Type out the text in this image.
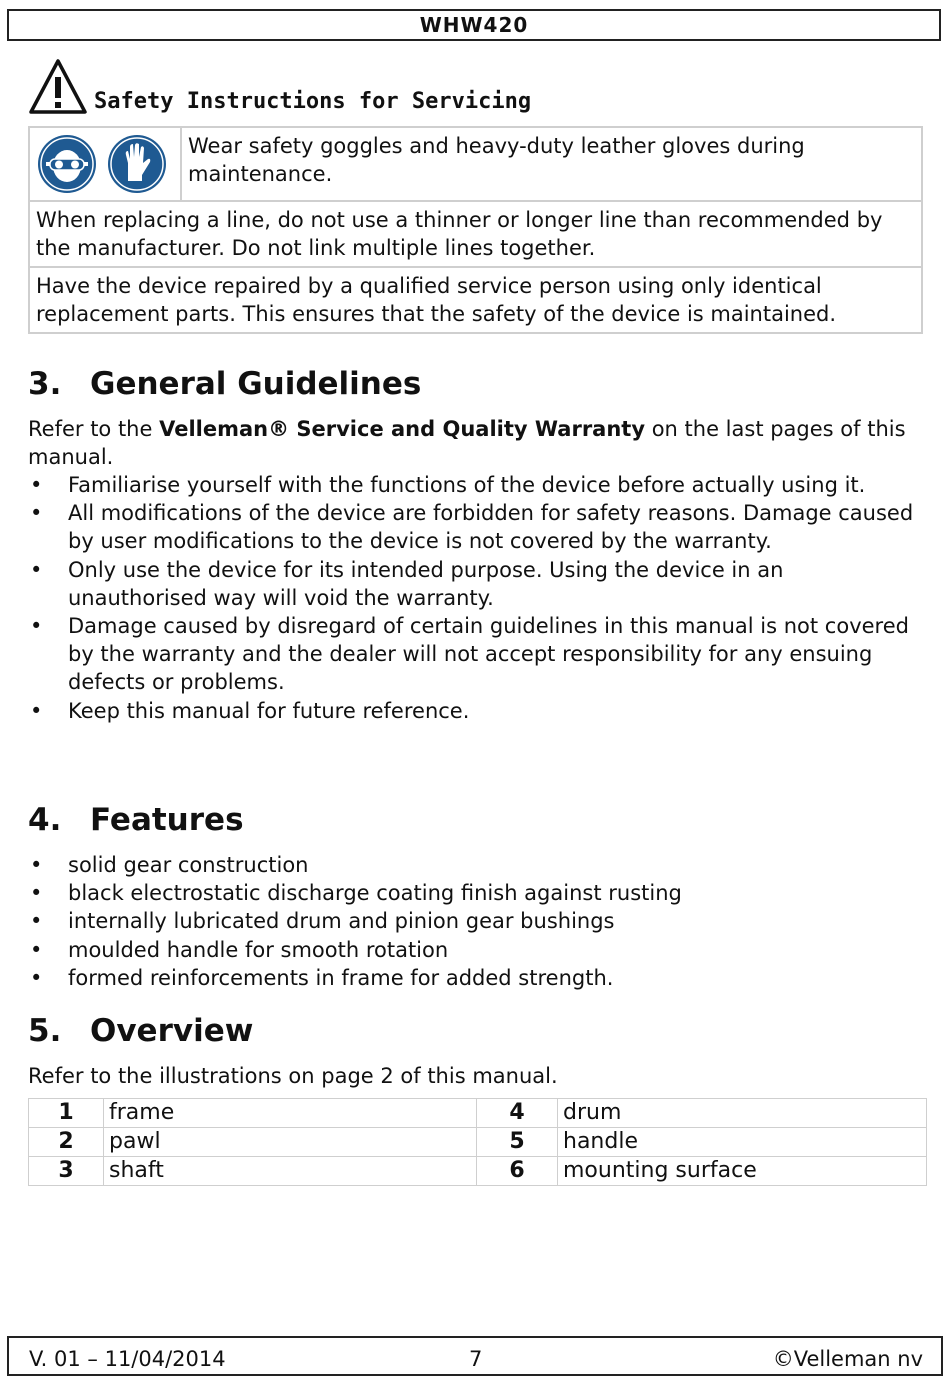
WHW420
Safety Instructions for Servicing
	Wear safety goggles and heavy-duty leather gloves during maintenance.
When replacing a line, do not use a thinner or longer line than recommended by the manufacturer. Do not link multiple lines together.
Have the device repaired by a qualified service person using only identical replacement parts. This ensures that the safety of the device is maintained.
3. General Guidelines

Refer to the Velleman® Service and Quality Warranty on the last pages of this manual.

•	Familiarise yourself with the functions of the device before actually using it.
•	All modifications of the device are forbidden for safety reasons. Damage caused by user modifications to the device is not covered by the warranty.
•	Only use the device for its intended purpose. Using the device in an unauthorised way will void the warranty.
•	Damage caused by disregard of certain guidelines in this manual is not covered by the warranty and the dealer will not accept responsibility for any ensuing defects or problems.
•	Keep this manual for future reference.
4. Features
•	solid gear construction
•	black electrostatic discharge coating finish against rusting
•	internally lubricated drum and pinion gear bushings
•	moulded handle for smooth rotation
•	formed reinforcements in frame for added strength.
5. Overview

Refer to the illustrations on page 2 of this manual.

1	frame	4	drum
2	pawl	5	handle
3	shaft	6	mounting surface
V. 01 – 11/04/2014	7	©Velleman nv
